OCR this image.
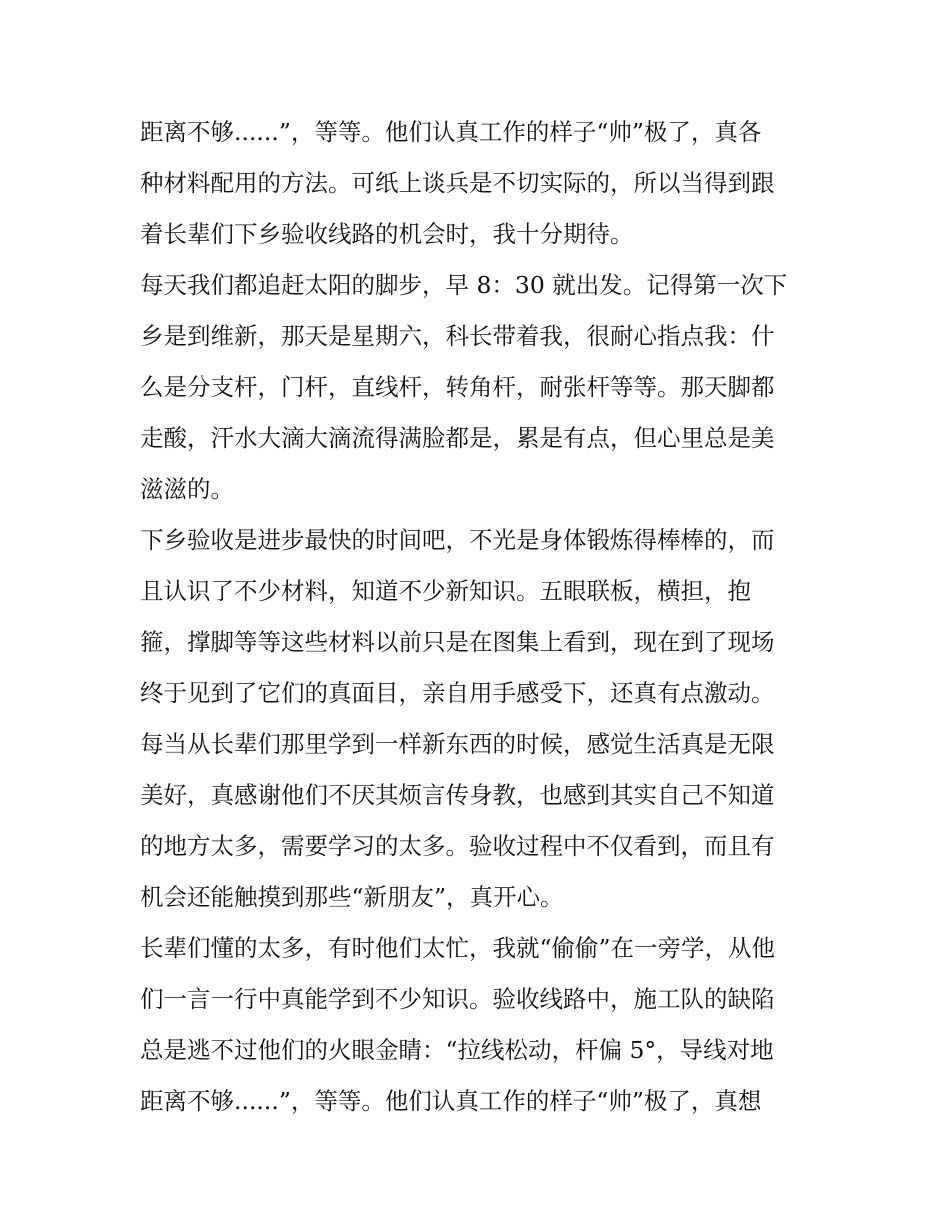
距离不够......”，等等。他们认真工作的样子“帅”极了，真各
种材料配用的方法。可纸上谈兵是不切实际的，所以当得到跟
着长辈们下乡验收线路的机会时，我十分期待。
每天我们都追赶太阳的脚步，早 8：30 就出发。记得第一次下
乡是到维新，那天是星期六，科长带着我，很耐心指点我：什
么是分支杆，门杆，直线杆，转角杆，耐张杆等等。那天脚都
走酸，汗水大滴大滴流得满脸都是，累是有点，但心里总是美
滋滋的。
下乡验收是进步最快的时间吧，不光是身体锻炼得棒棒的，而
且认识了不少材料，知道不少新知识。五眼联板，横担，抱
箍，撑脚等等这些材料以前只是在图集上看到，现在到了现场
终于见到了它们的真面目，亲自用手感受下，还真有点激动。
每当从长辈们那里学到一样新东西的时候，感觉生活真是无限
美好，真感谢他们不厌其烦言传身教，也感到其实自己不知道
的地方太多，需要学习的太多。验收过程中不仅看到，而且有
机会还能触摸到那些“新朋友”，真开心。
长辈们懂的太多，有时他们太忙，我就“偷偷”在一旁学，从他
们一言一行中真能学到不少知识。验收线路中，施工队的缺陷
总是逃不过他们的火眼金睛：“拉线松动，杆偏 5°，导线对地
距离不够......”，等等。他们认真工作的样子“帅”极了，真想
